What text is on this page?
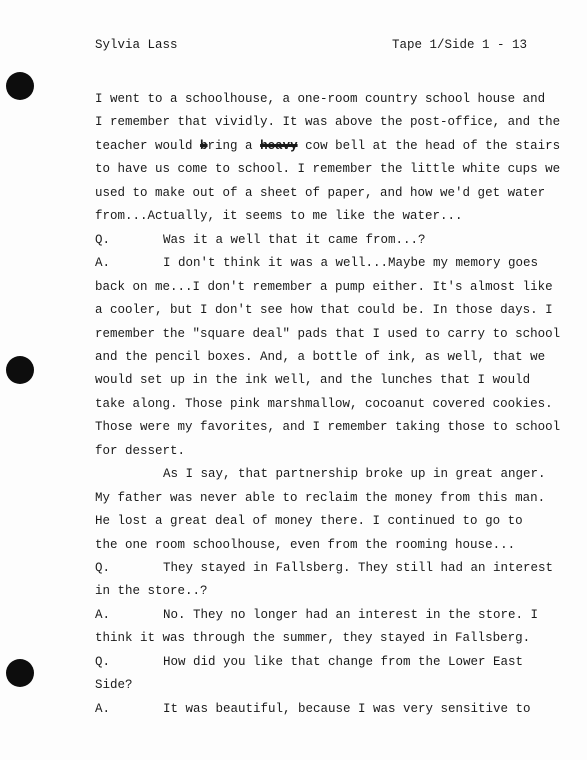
Sylvia Lass	Tape 1/Side 1 - 13
I went to a schoolhouse, a one-room country school house and
I remember that vividly. It was above the post-office, and the
teacher would bring a heavy cow bell at the head of the stairs
to have us come to school. I remember the little white cups we
used to make out of a sheet of paper, and how we'd get water
from...Actually, it seems to me like the water...
Q.	Was it a well that it came from...?
A.	I don't think it was a well...Maybe my memory goes
back on me...I don't remember a pump either. It's almost like
a cooler, but I don't see how that could be. In those days. I
remember the "square deal" pads that I used to carry to school
and the pencil boxes. And, a bottle of ink, as well, that we
would set up in the ink well, and the lunches that I would
take along. Those pink marshmallow, cocoanut covered cookies.
Those were my favorites, and I remember taking those to school
for dessert.
As I say, that partnership broke up in great anger.
My father was never able to reclaim the money from this man.
He lost a great deal of money there. I continued to go to
the one room schoolhouse, even from the rooming house...
Q.	They stayed in Fallsberg. They still had an interest
in the store..?
A.	No. They no longer had an interest in the store. I
think it was through the summer, they stayed in Fallsberg.
Q.	How did you like that change from the Lower East
Side?
A.	It was beautiful, because I was very sensitive to
